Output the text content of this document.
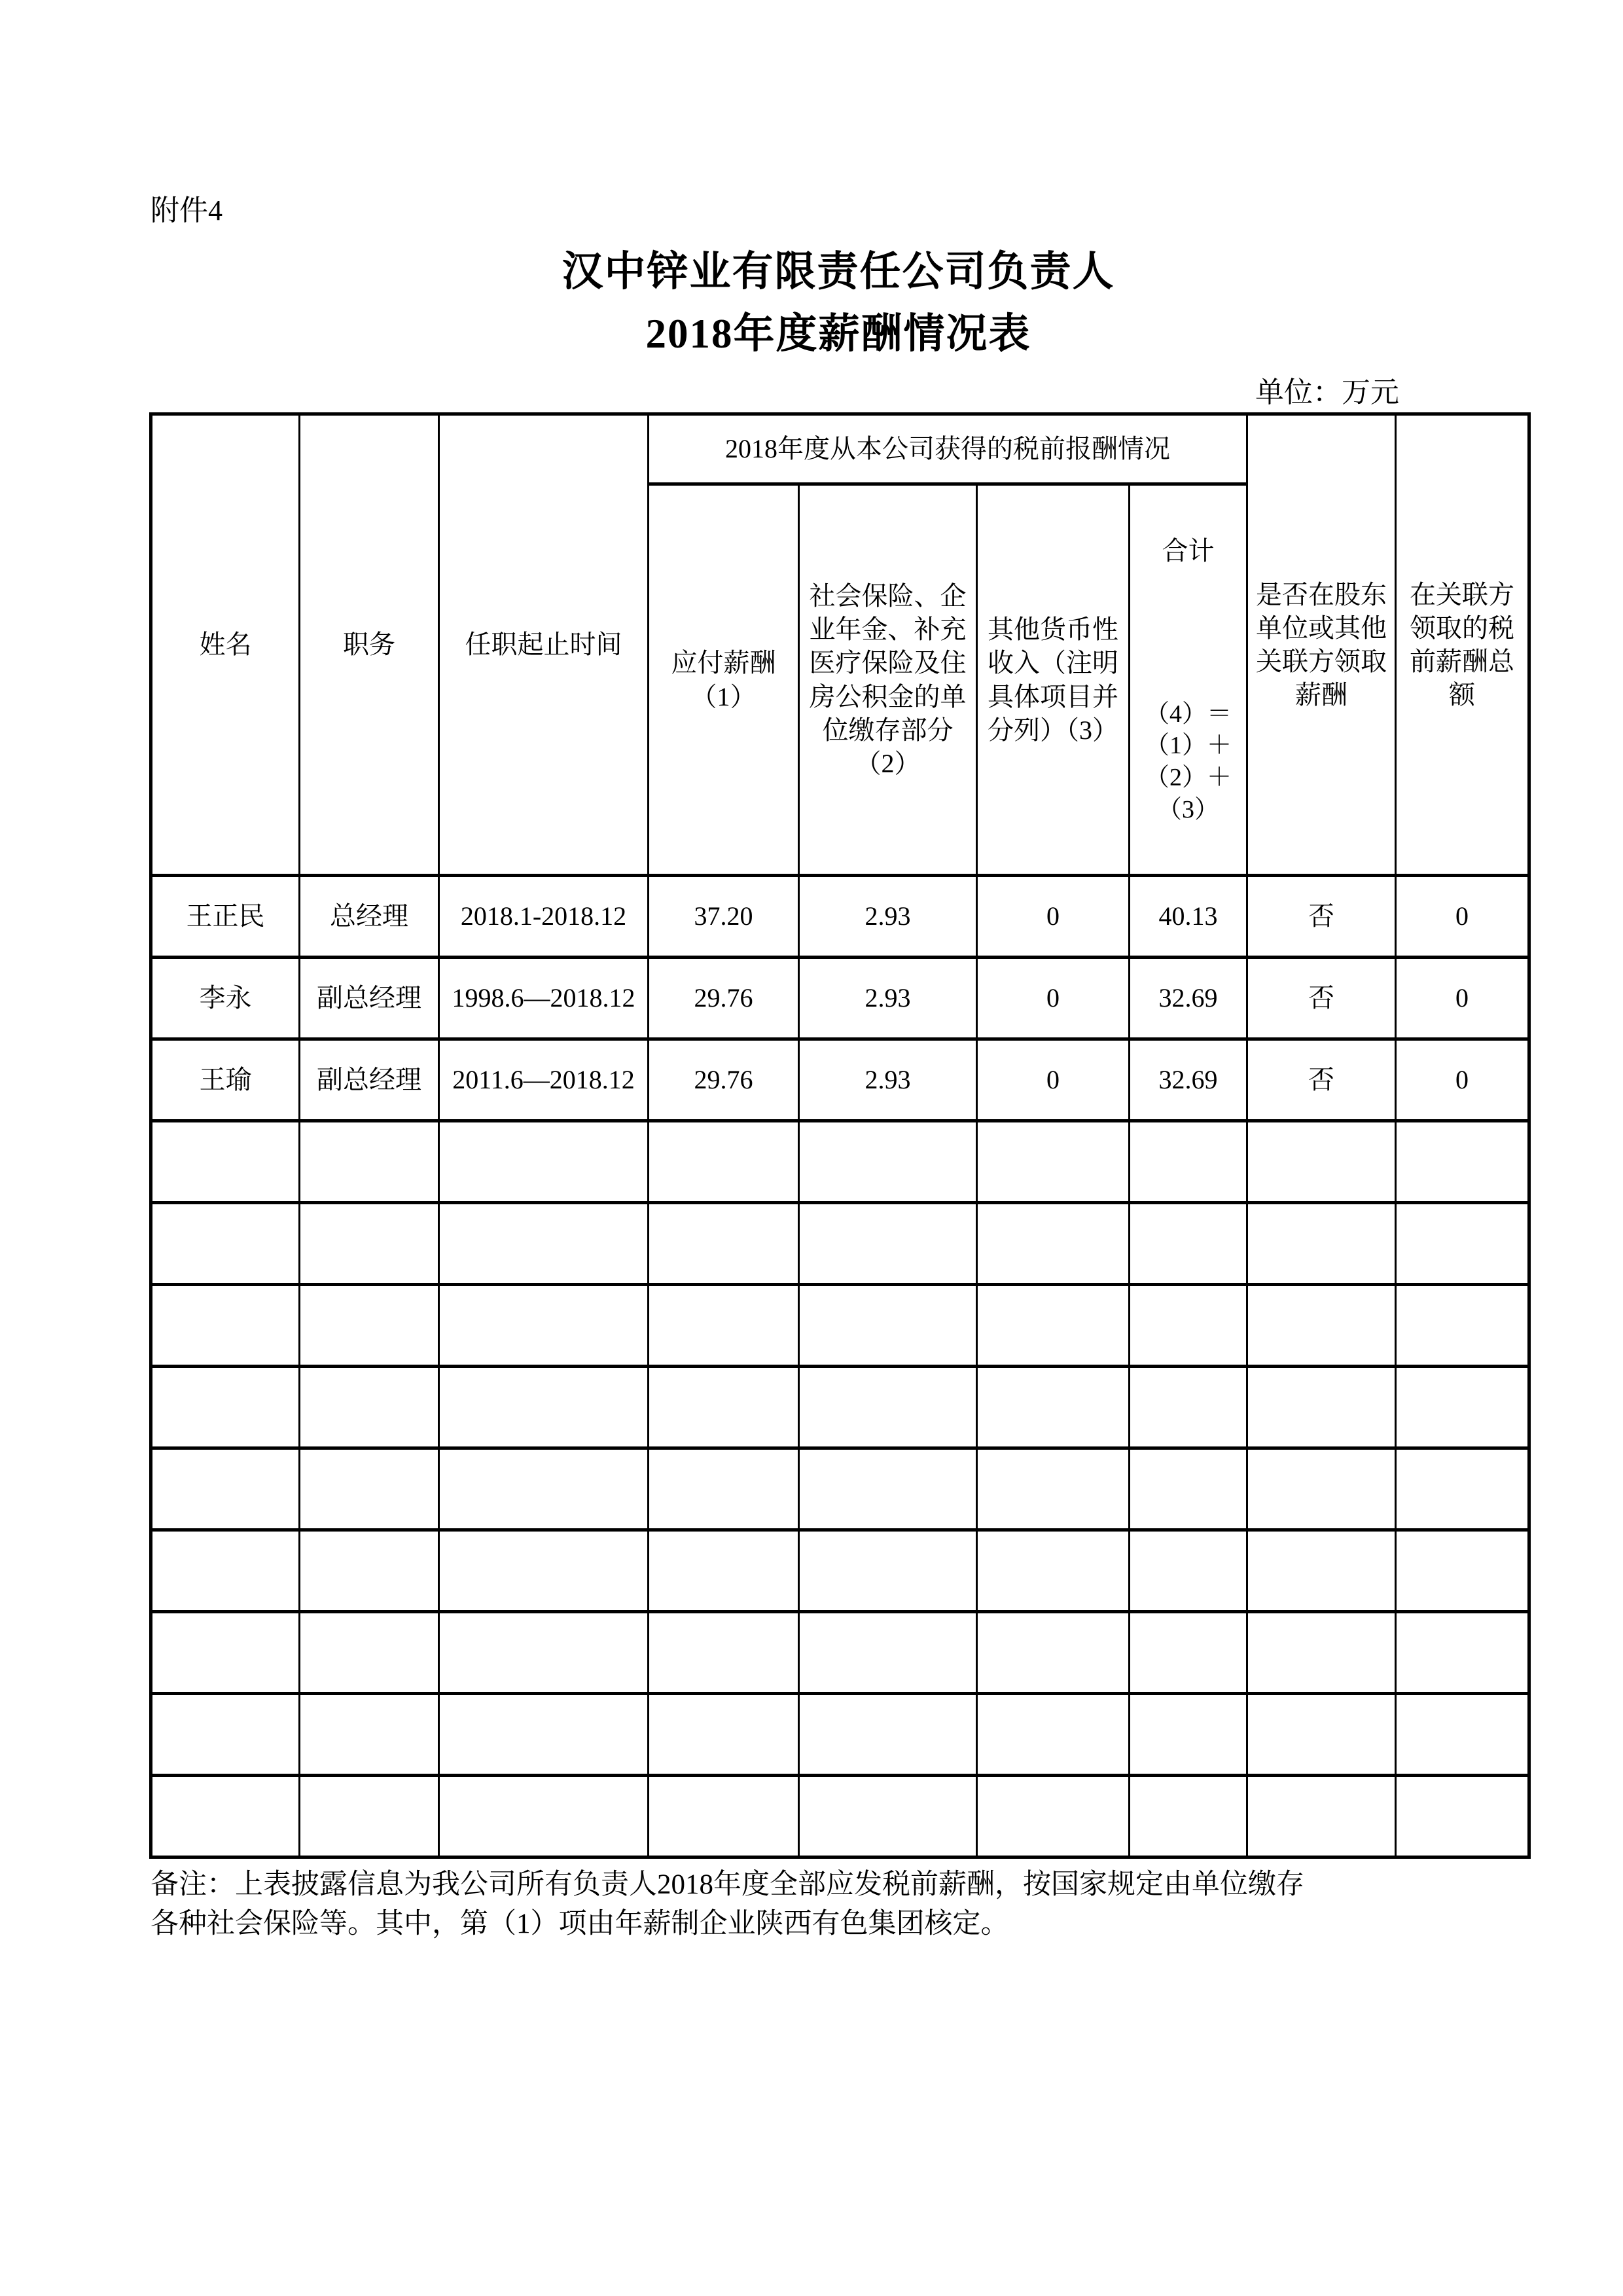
附件4
汉中锌业有限责任公司负责人
2018年度薪酬情况表
单位：万元
姓名	职务	任职起止时间	2018年度从本公司获得的税前报酬情况				是否在股东单位或其他关联方领取薪酬	在关联方领取的税前薪酬总额
			应付薪酬（1）	社会保险、企业年金、补充医疗保险及住房公积金的单位缴存部分（2）	其他货币性收入（注明具体项目并分列）（3）	合计
（4）＝（1）＋（2）＋（3）		

王正民	总经理	2018.1-2018.12	37.20	2.93	0	40.13	否	0
李永	副总经理	1998.6—2018.12	29.76	2.93	0	32.69	否	0
王瑜	副总经理	2011.6—2018.12	29.76	2.93	0	32.69	否	0

备注：上表披露信息为我公司所有负责人2018年度全部应发税前薪酬，按国家规定由单位缴存
各种社会保险等。其中，第（1）项由年薪制企业陕西有色集团核定。
